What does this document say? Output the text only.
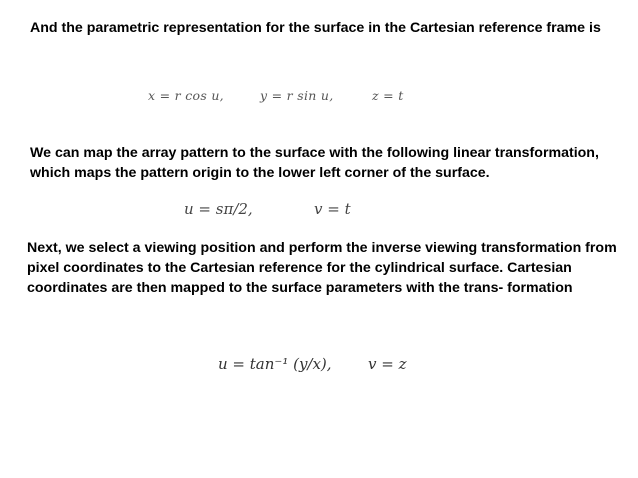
And the parametric representation for the surface in the Cartesian reference frame is

x = r cos u,	y = r sin u,	z = t

We can map the array pattern to the surface with the following linear transformation, which maps the pattern origin to the lower left corner of the surface.

u = sπ/2,	v = t

Next, we select a viewing position and perform the inverse viewing transformation from pixel coordinates to the Cartesian reference for the cylindrical surface. Cartesian coordinates are then mapped to the surface parameters with the trans- formation

u = tan⁻¹ (y/x), v = z
